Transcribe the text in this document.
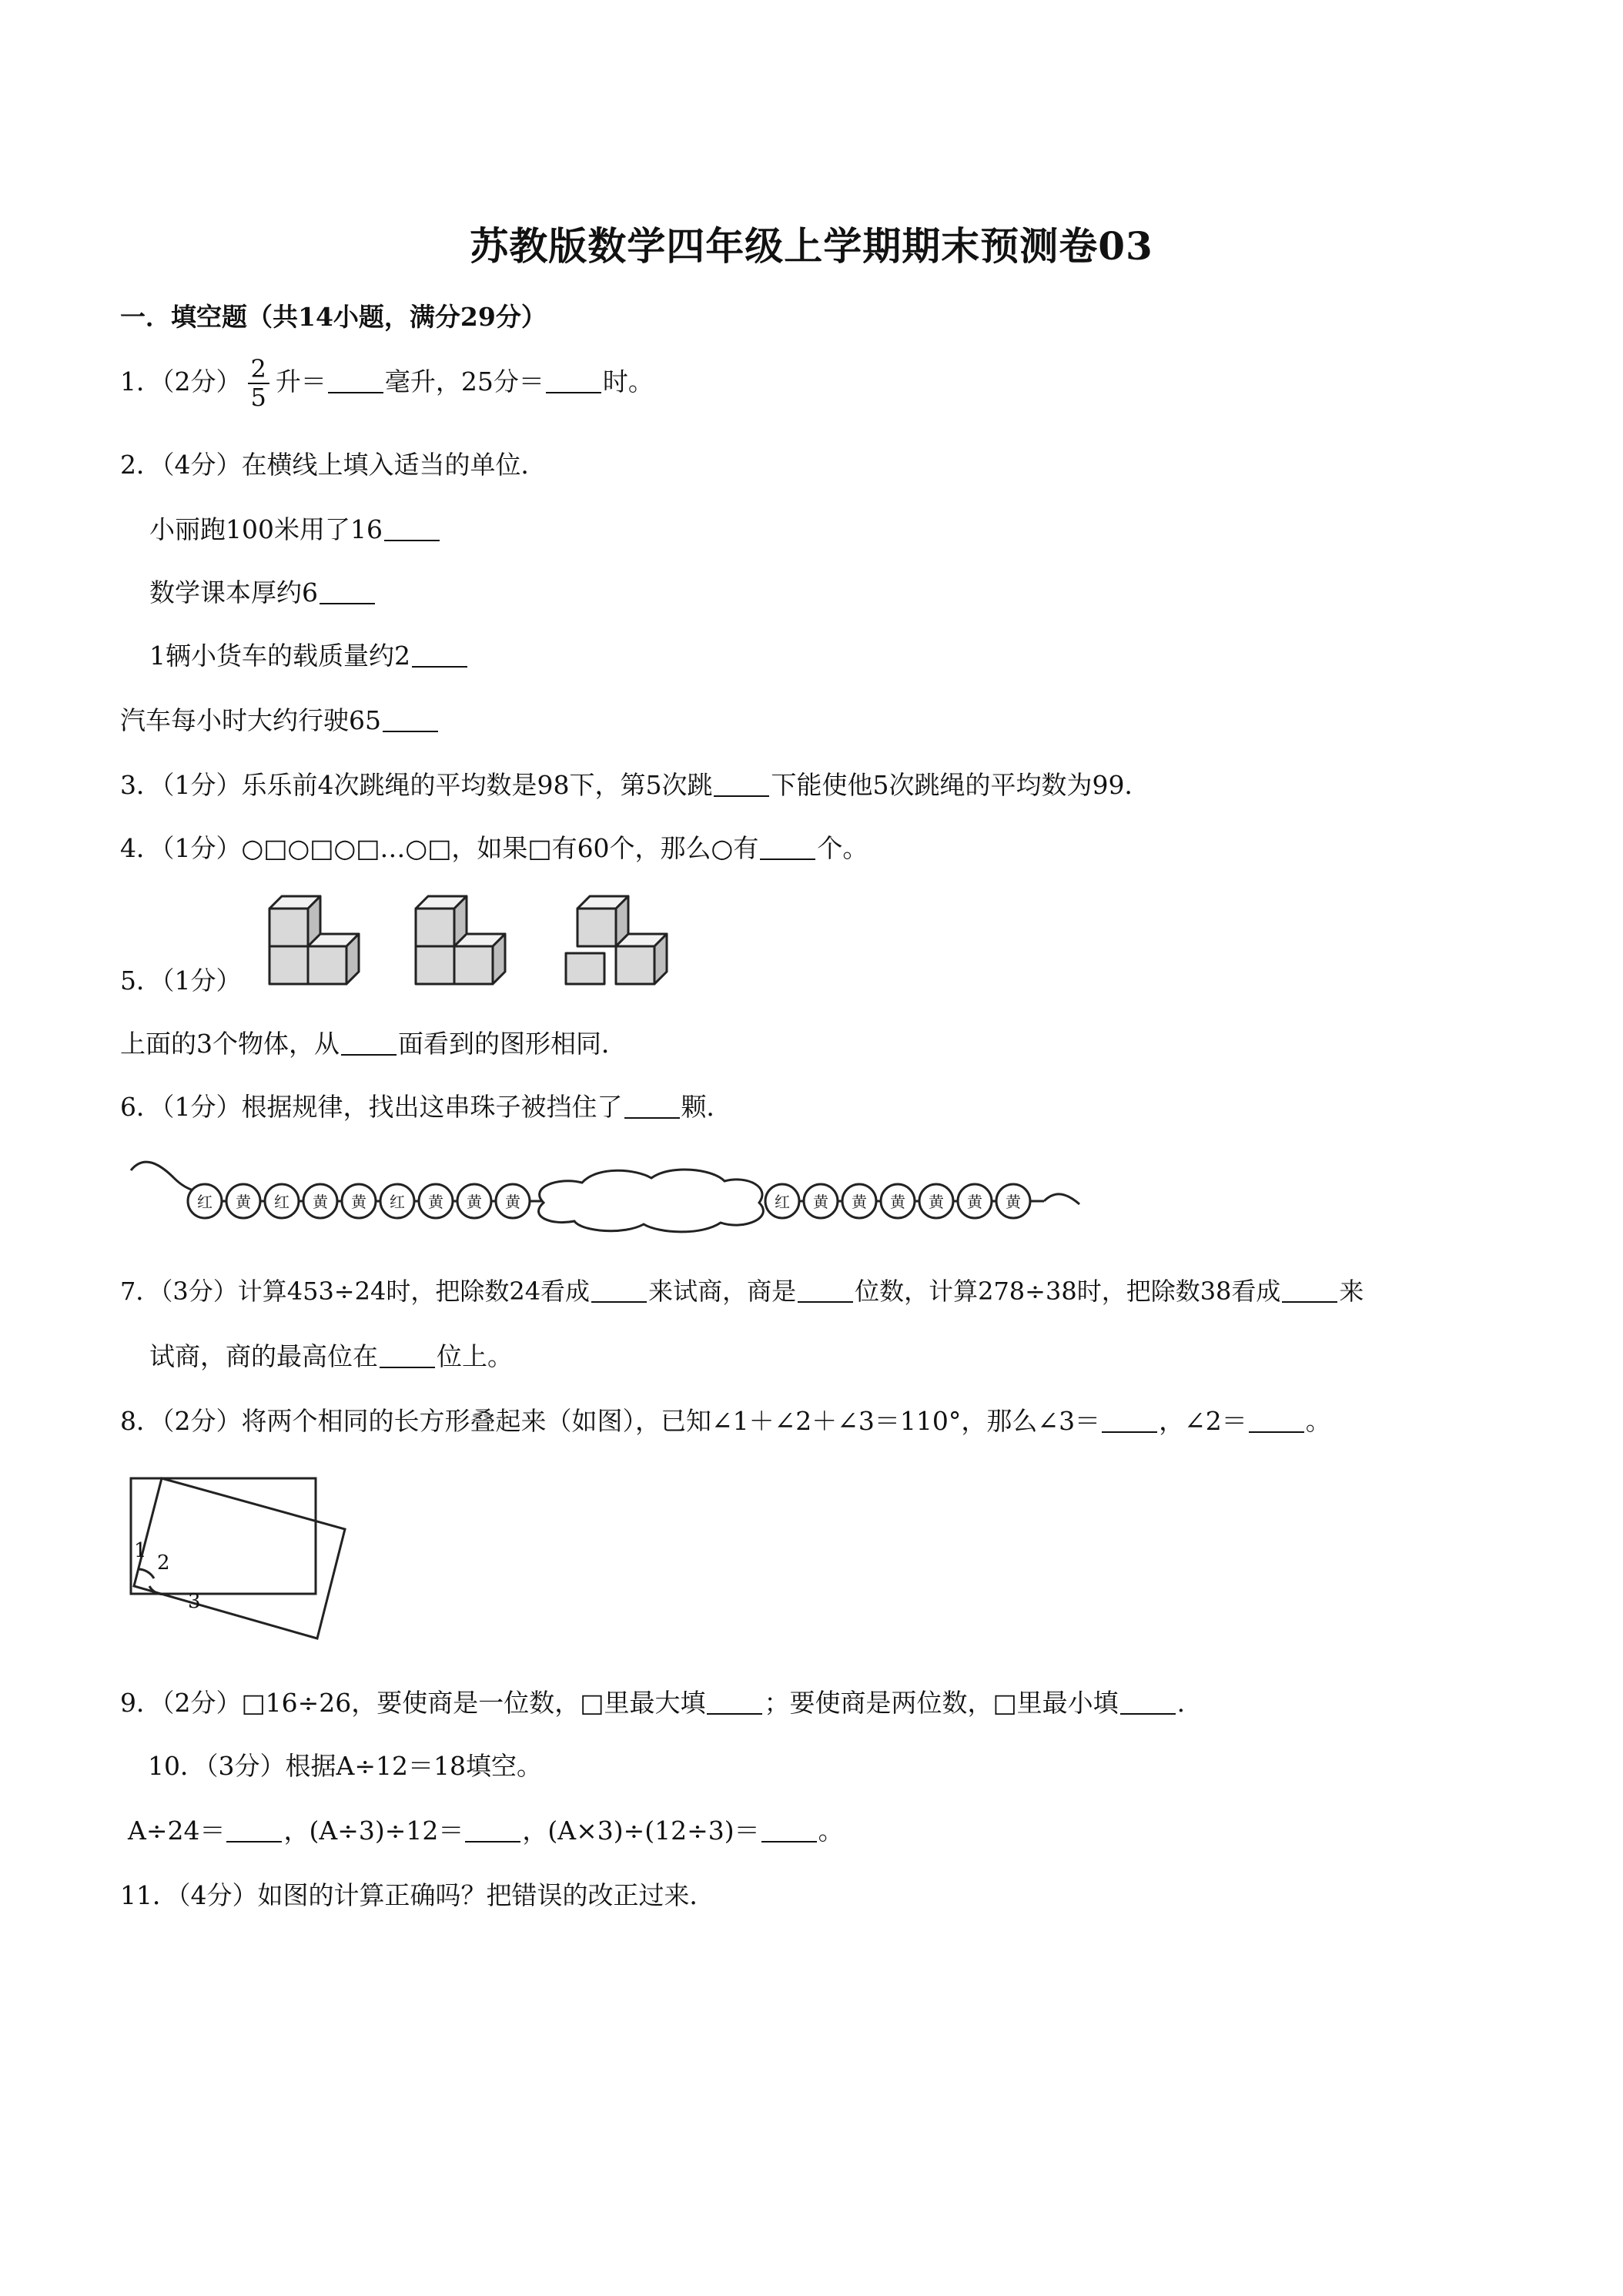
苏教版数学四年级上学期期末预测卷03
一．填空题（共14小题，满分29分）
1．（2分） $\frac{2}{5}$ 升＝ 毫升，25分＝ 时。
2．（4分）在横线上填入适当的单位．
小丽跑100米用了16
数学课本厚约6
1辆小货车的载质量约2
汽车每小时大约行驶65
3．（1分）乐乐前4次跳绳的平均数是98下，第5次跳 下能使他5次跳绳的平均数为99．
4．（1分）○□○□○□…○□，如果□有60个，那么○有 个。
5．（1分）
上面的3个物体，从 面看到的图形相同．
6．（1分）根据规律，找出这串珠子被挡住了 颗．
红 黄 红 黄 黄 红 黄 黄 黄	红 黄 黄 黄 黄 黄 黄
7．（3分）计算453÷24时，把除数24看成 来试商，商是 位数，计算278÷38时，把除数38看成 来
试商，商的最高位在 位上。
8．（2分）将两个相同的长方形叠起来（如图），已知∠1＋∠2＋∠3＝110°，那么∠3＝ ，∠2＝ 。
1
2
3
9．（2分）□16÷26，要使商是一位数，□里最大填 ；要使商是两位数，□里最小填 .
10．（3分）根据A÷12＝18填空。
A÷24＝ ，(A÷3)÷12＝ ，(A×3)÷(12÷3)＝ 。
11．（4分）如图的计算正确吗？把错误的改正过来．
